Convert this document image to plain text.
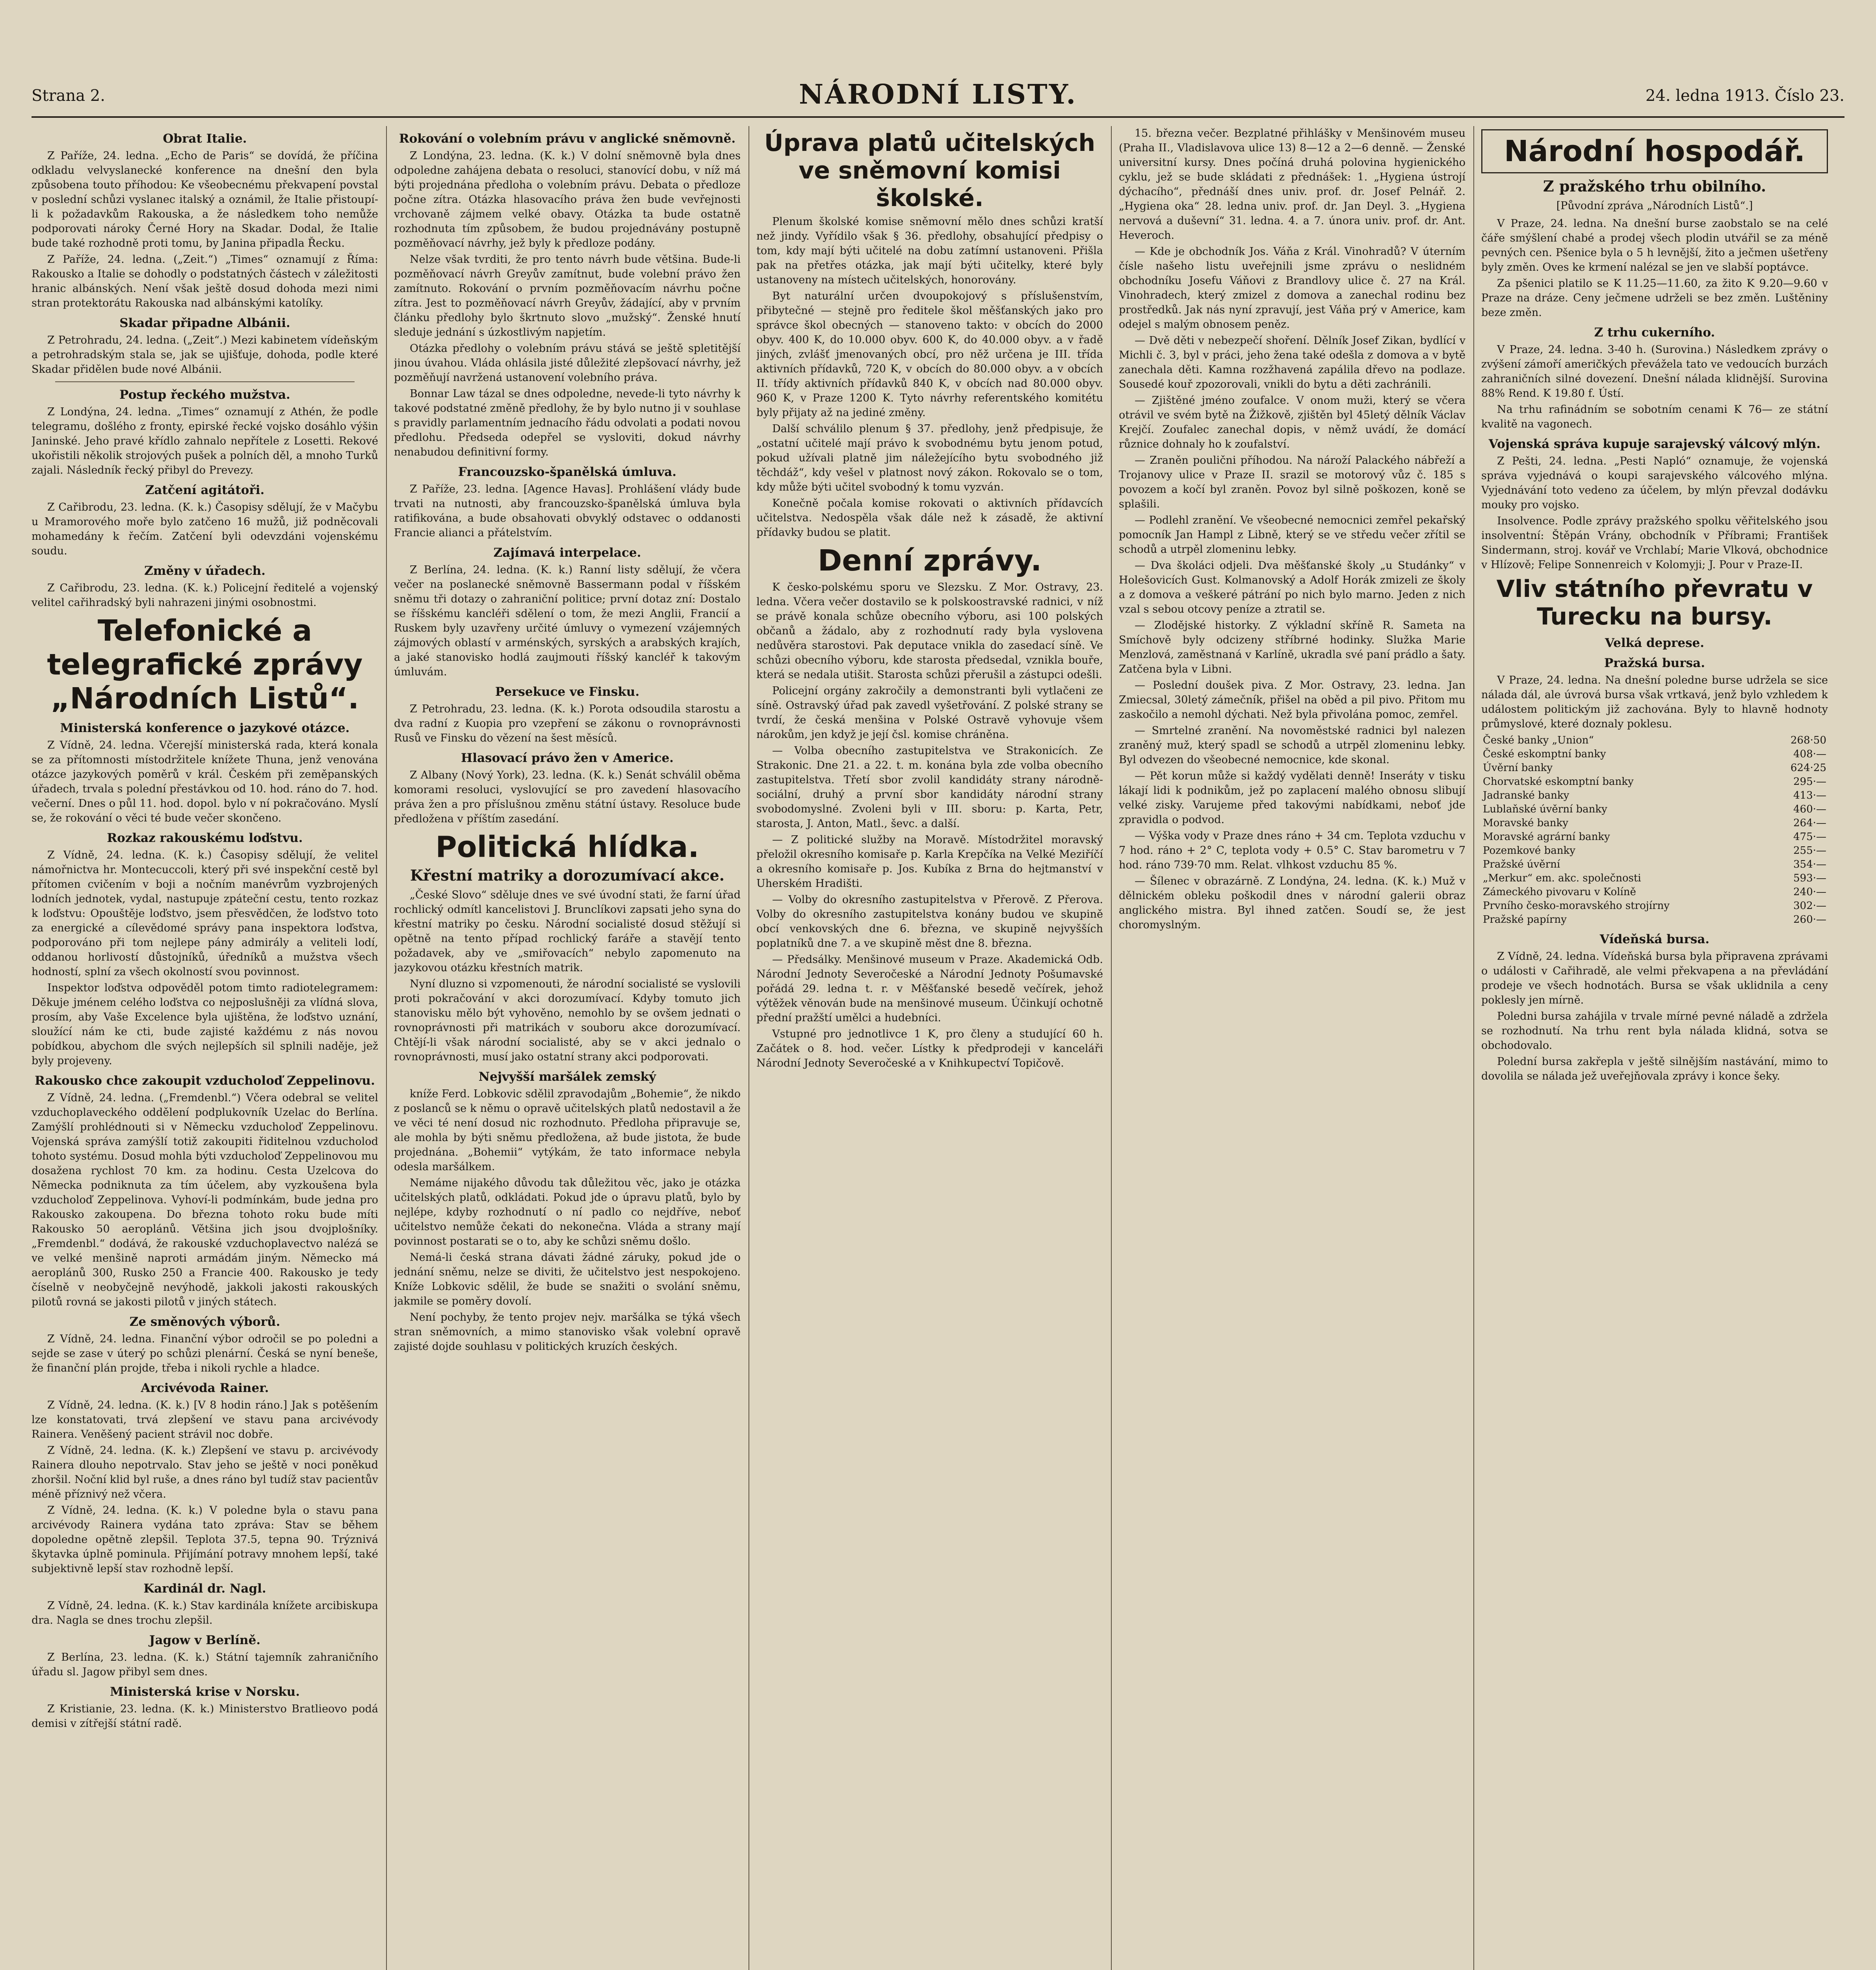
Strana 2.	NÁRODNÍ LISTY.	24. ledna 1913. Číslo 23.
Obrat Italie.

Z Paříže, 24. ledna. „Echo de Paris“ se dovídá, že příčina odkladu velvyslanecké konference na dnešní den byla způsobena touto příhodou: Ke všeobecnému překvapení povstal v poslední schůzi vyslanec italský a oznámil, že Italie přistoupí-li k požadavkům Rakouska, a že následkem toho nemůže podporovati nároky Černé Hory na Skadar. Dodal, že Italie bude také rozhodně proti tomu, by Janina připadla Řecku.

Z Paříže, 24. ledna. („Zeit.“) „Times“ oznamují z Říma: Rakousko a Italie se dohodly o podstatných částech v záležitosti hranic albánských. Není však ještě dosud dohoda mezi nimi stran protektorátu Rakouska nad albánskými katolíky.

Skadar připadne Albánii.

Z Petrohradu, 24. ledna. („Zeit“.) Mezi kabinetem vídeňským a petrohradským stala se, jak se ujišťuje, dohoda, podle které Skadar přidělen bude nové Albánii.

Postup řeckého mužstva.

Z Londýna, 24. ledna. „Times“ oznamují z Athén, že podle telegramu, došlého z fronty, epirské řecké vojsko dosáhlo výšin Janinské. Jeho pravé křídlo zahnalo nepřítele z Losetti. Rekové ukořistili několik strojových pušek a polních děl, a mnoho Turků zajali. Následník řecký přibyl do Prevezy.

Zatčení agitátoři.

Z Cařibrodu, 23. ledna. (K. k.) Časopisy sdělují, že v Mačybu u Mramorového moře bylo zatčeno 16 mužů, již podněcovali mohamedány k řečím. Zatčení byli odevzdáni vojenskému soudu.

Změny v úřadech.

Z Cařibrodu, 23. ledna. (K. k.) Policejní ředitelé a vojenský velitel cařihradský byli nahrazeni jinými osobnostmi.

Telefonické a telegrafické zprávy „Národních Listů“.
Ministerská konference o jazykové otázce.

Z Vídně, 24. ledna. Včerejší ministerská rada, která konala se za přítomnosti místodržitele knížete Thuna, jenž venována otázce jazykových poměrů v král. Českém při zeměpanských úřadech, trvala s polední přestávkou od 10. hod. ráno do 7. hod. večerní. Dnes o půl 11. hod. dopol. bylo v ní pokračováno. Myslí se, že rokování o věci té bude večer skončeno.

Rozkaz rakouskému loďstvu.

Z Vídně, 24. ledna. (K. k.) Časopisy sdělují, že velitel námořnictva hr. Montecuccoli, který při své inspekční cestě byl přítomen cvičením v boji a nočním manévrům vyzbrojených lodních jednotek, vydal, nastupuje zpáteční cestu, tento rozkaz k loďstvu: Opouštěje loďstvo, jsem přesvědčen, že loďstvo toto za energické a cílevědomé správy pana inspektora loďstva, podporováno při tom nejlepe pány admirály a veliteli lodí, oddanou horlivostí důstojníků, úředníků a mužstva všech hodností, splní za všech okolností svou povinnost.

Inspektor loďstva odpověděl potom timto radiotelegramem: Děkuje jménem celého loďstva co nejposlušněji za vlídná slova, prosím, aby Vaše Excelence byla ujištěna, že loďstvo uznání, sloužící nám ke cti, bude zajisté každému z nás novou pobídkou, abychom dle svých nejlepších sil splnili naděje, jež byly projeveny.

Rakousko chce zakoupit vzducholoď Zeppelinovu.

Z Vídně, 24. ledna. („Fremdenbl.“) Včera odebral se velitel vzduchoplaveckého oddělení podplukovník Uzelac do Berlína. Zamýšlí prohlédnouti si v Německu vzducholoď Zeppelinovu. Vojenská správa zamýšlí totiž zakoupiti řiditelnou vzducholoď tohoto systému. Dosud mohla býti vzducholoď Zeppelinovou mu dosažena rychlost 70 km. za hodinu. Cesta Uzelcova do Německa podniknuta za tím účelem, aby vyzkoušena byla vzducholoď Zeppelinova. Vyhoví-li podmínkám, bude jedna pro Rakousko zakoupena. Do března tohoto roku bude míti Rakousko 50 aeroplánů. Většina jich jsou dvojplošníky. „Fremdenbl.“ dodává, že rakouské vzduchoplavectvo nalézá se ve velké menšině naproti armádám jiným. Německo má aeroplánů 300, Rusko 250 a Francie 400. Rakousko je tedy číselně v neobyčejně nevýhodě, jakkoli jakosti rakouských pilotů rovná se jakosti pilotů v jiných státech.

Ze směnových výborů.

Z Vídně, 24. ledna. Finanční výbor odročil se po poledni a sejde se zase v úterý po schůzi plenární. Česká se nyní beneše, že finanční plán projde, třeba i nikoli rychle a hladce.

Arcivévoda Rainer.

Z Vídně, 24. ledna. (K. k.) [V 8 hodin ráno.] Jak s potěšením lze konstatovati, trvá zlepšení ve stavu pana arcivévody Rainera. Veněšený pacient strávil noc dobře.

Z Vídně, 24. ledna. (K. k.) Zlepšení ve stavu p. arcivévody Rainera dlouho nepotrvalo. Stav jeho se ještě v noci poněkud zhoršil. Noční klid byl ruše, a dnes ráno byl tudíž stav pacientův méně příznivý než včera.

Z Vídně, 24. ledna. (K. k.) V poledne byla o stavu pana arcivévody Rainera vydána tato zpráva: Stav se během dopoledne opětně zlepšil. Teplota 37.5, tepna 90. Trýznivá škytavka úplně pominula. Přijímání potravy mnohem lepší, také subjektivně lepší stav rozhodně lepší.

Kardinál dr. Nagl.

Z Vídně, 24. ledna. (K. k.) Stav kardinála knížete arcibiskupa dra. Nagla se dnes trochu zlepšil.

Jagow v Berlíně.

Z Berlína, 23. ledna. (K. k.) Státní tajemník zahraničního úřadu sl. Jagow přibyl sem dnes.

Ministerská krise v Norsku.

Z Kristianie, 23. ledna. (K. k.) Ministerstvo Bratlieovo podá demisi v zítřejší státní radě.

Rokování o volebním právu v anglické sněmovně.

Z Londýna, 23. ledna. (K. k.) V dolní sněmovně byla dnes odpoledne zahájena debata o resoluci, stanovící dobu, v níž má býti projednána předloha o volebním právu. Debata o předloze počne zítra. Otázka hlasovacího práva žen bude vevřejnosti vrchovaně zájmem velké obavy. Otázka ta bude ostatně rozhodnuta tím způsobem, že budou projednávány postupně pozměňovací návrhy, jež byly k předloze podány.

Nelze však tvrditi, že pro tento návrh bude většina. Bude-li pozměňovací návrh Greyův zamítnut, bude volební právo žen zamítnuto. Rokování o prvním pozměňovacím návrhu počne zítra. Jest to pozměňovací návrh Greyův, žádající, aby v prvním článku předlohy bylo škrtnuto slovo „mužský“. Ženské hnutí sleduje jednání s úzkostlivým napjetím.

Otázka předlohy o volebním právu stává se ještě spletitější jinou úvahou. Vláda ohlásila jisté důležité zlepšovací návrhy, jež pozměňují navržená ustanovení volebního práva.

Bonnar Law tázal se dnes odpoledne, nevede-li tyto návrhy k takové podstatné změně předlohy, že by bylo nutno ji v souhlase s pravidly parlamentním jednacího řádu odvolati a podati novou předlohu. Předseda odepřel se vysloviti, dokud návrhy nenabudou definitivní formy.

Francouzsko-španělská úmluva.

Z Paříže, 23. ledna. [Agence Havas]. Prohlášení vlády bude trvati na nutnosti, aby francouzsko-španělská úmluva byla ratifikována, a bude obsahovati obvyklý odstavec o oddanosti Francie alianci a přátelstvím.

Zajímavá interpelace.

Z Berlína, 24. ledna. (K. k.) Ranní listy sdělují, že včera večer na poslanecké sněmovně Bassermann podal v říšském sněmu tři dotazy o zahraniční politice; první dotaz zní: Dostalo se říšskému kancléři sdělení o tom, že mezi Anglii, Francií a Ruskem byly uzavřeny určité úmluvy o vymezení vzájemných zájmových oblastí v arménských, syrských a arabských krajích, a jaké stanovisko hodlá zaujmouti říšský kancléř k takovým úmluvám.

Persekuce ve Finsku.

Z Petrohradu, 23. ledna. (K. k.) Porota odsoudila starostu a dva radní z Kuopia pro vzepření se zákonu o rovnoprávnosti Rusů ve Finsku do vězení na šest měsíců.

Hlasovací právo žen v Americe.

Z Albany (Nový York), 23. ledna. (K. k.) Senát schválil oběma komorami resoluci, vyslovující se pro zavedení hlasovacího práva žen a pro příslušnou změnu státní ústavy. Resoluce bude předložena v příštím zasedání.

Politická hlídka.
Křestní matriky a dorozumívací akce.

„České Slovo“ sděluje dnes ve své úvodní stati, že farní úřad rochlický odmítl kancelistovi J. Brunclíkovi zapsati jeho syna do křestní matriky po česku. Národní socialisté dosud stěžují si opětně na tento případ rochlický faráře a stavějí tento požadavek, aby ve „smiřovacích“ nebylo zapomenuto na jazykovou otázku křestních matrik.

Nyní dluzno si vzpomenouti, že národní socialisté se vyslovili proti pokračování v akci dorozumívací. Kdyby tomuto jich stanovisku mělo být vyhověno, nemohlo by se ovšem jednati o rovnoprávnosti při matrikách v souboru akce dorozumívací. Chtějí-li však národní socialisté, aby se v akci jednalo o rovnoprávnosti, musí jako ostatní strany akci podporovati.

Nejvyšší maršálek zemský

kníže Ferd. Lobkovic sdělil zpravodajům „Bohemie“, že nikdo z poslanců se k němu o opravě učitelských platů nedostavil a že ve věci té není dosud nic rozhodnuto. Předloha připravuje se, ale mohla by býti sněmu předložena, až bude jistota, že bude projednána. „Bohemii“ vytýkám, že tato informace nebyla odesla maršálkem.

Nemáme nijakého důvodu tak důležitou věc, jako je otázka učitelských platů, odkládati. Pokud jde o úpravu platů, bylo by nejlépe, kdyby rozhodnutí o ní padlo co nejdříve, neboť učitelstvo nemůže čekati do nekonečna. Vláda a strany mají povinnost postarati se o to, aby ke schůzi sněmu došlo.

Nemá-li česká strana dávati žádné záruky, pokud jde o jednání sněmu, nelze se diviti, že učitelstvo jest nespokojeno. Kníže Lobkovic sdělil, že bude se snažiti o svolání sněmu, jakmile se poměry dovolí.

Není pochyby, že tento projev nejv. maršálka se týká všech stran sněmovních, a mimo stanovisko však volební opravě zajisté dojde souhlasu v politických kruzích českých.

Úprava platů učitelských ve sněmovní komisi školské.

Plenum školské komise sněmovní mělo dnes schůzi kratší než jindy. Vyřídilo však § 36. předlohy, obsahující předpisy o tom, kdy mají býti učitelé na dobu zatímní ustanoveni. Přišla pak na přetřes otázka, jak mají býti učitelky, které byly ustanoveny na místech učitelských, honorovány.

Byt naturální určen dvoupokojový s příslušenstvím, přibytečné — stejně pro ředitele škol měšťanských jako pro správce škol obecných — stanoveno takto: v obcích do 2000 obyv. 400 K, do 10.000 obyv. 600 K, do 40.000 obyv. a v řadě jiných, zvlášť jmenovaných obcí, pro něž určena je III. třída aktivních přídavků, 720 K, v obcích do 80.000 obyv. a v obcích II. třídy aktivních přídavků 840 K, v obcích nad 80.000 obyv. 960 K, v Praze 1200 K. Tyto návrhy referentského komitétu byly přijaty až na jediné změny.

Další schválilo plenum § 37. předlohy, jenž předpisuje, že „ostatní učitelé mají právo k svobodnému bytu jenom potud, pokud užívali platně jim náležejícího bytu svobodného již těchdáž“, kdy vešel v platnost nový zákon. Rokovalo se o tom, kdy může býti učitel svobodný k tomu vyzván.

Konečně počala komise rokovati o aktivních přídavcích učitelstva. Nedospěla však dále než k zásadě, že aktivní přídavky budou se platit.

Denní zprávy.

K česko-polskému sporu ve Slezsku. Z Mor. Ostravy, 23. ledna. Včera večer dostavilo se k polskoostravské radnici, v níž se právě konala schůze obecního výboru, asi 100 polských občanů a žádalo, aby z rozhodnutí rady byla vyslovena nedůvěra starostovi. Pak deputace vnikla do zasedací síně. Ve schůzi obecního výboru, kde starosta předsedal, vznikla bouře, která se nedala utišit. Starosta schůzi přerušil a zástupci odešli.

Policejní orgány zakročily a demonstranti byli vytlačeni ze síně. Ostravský úřad pak zavedl vyšetřování. Z polské strany se tvrdí, že česká menšina v Polské Ostravě vyhovuje všem nárokům, jen když je její čsl. komise chráněna.

— Volba obecního zastupitelstva ve Strakonicích. Ze Strakonic. Dne 21. a 22. t. m. konána byla zde volba obecního zastupitelstva. Třetí sbor zvolil kandidáty strany národně-sociální, druhý a první sbor kandidáty národní strany svobodomyslné. Zvoleni byli v III. sboru: p. Karta, Petr, starosta, J. Anton, Matl., ševc. a další.

— Z politické služby na Moravě. Místodržitel moravský přeložil okresního komisaře p. Karla Krepčíka na Velké Meziříčí a okresního komisaře p. Jos. Kubíka z Brna do hejtmanství v Uherském Hradišti.

— Volby do okresního zastupitelstva v Přerově. Z Přerova. Volby do okresního zastupitelstva konány budou ve skupině obcí venkovských dne 6. března, ve skupině nejvyšších poplatníků dne 7. a ve skupině měst dne 8. března.

— Předsálky. Menšinové museum v Praze. Akademická Odb. Národní Jednoty Severočeské a Národní Jednoty Pošumavské pořádá 29. ledna t. r. v Měšťanské besedě večírek, jehož výtěžek věnován bude na menšinové museum. Účinkují ochotně přední pražští umělci a hudebníci.

Vstupné pro jednotlivce 1 K, pro členy a studující 60 h. Začátek o 8. hod. večer. Lístky k předprodeji v kanceláři Národní Jednoty Severočeské a v Knihkupectví Topičově.

15. března večer. Bezplatné přihlášky v Menšinovém museu (Praha II., Vladislavova ulice 13) 8—12 a 2—6 denně. — Ženské universitní kursy. Dnes počíná druhá polovina hygienického cyklu, jež se bude skládati z přednášek: 1. „Hygiena ústrojí dýchacího“, přednáší dnes univ. prof. dr. Josef Pelnář. 2. „Hygiena oka“ 28. ledna univ. prof. dr. Jan Deyl. 3. „Hygiena nervová a duševní“ 31. ledna. 4. a 7. února univ. prof. dr. Ant. Heveroch.

— Kde je obchodník Jos. Váňa z Král. Vinohradů? V úterním čísle našeho listu uveřejnili jsme zprávu o neslidném obchodníku Josefu Váňovi z Brandlovy ulice č. 27 na Král. Vinohradech, který zmizel z domova a zanechal rodinu bez prostředků. Jak nás nyní zpravují, jest Váňa prý v Americe, kam odejel s malým obnosem peněz.

— Dvě děti v nebezpečí shoření. Dělník Josef Zikan, bydlící v Michli č. 3, byl v práci, jeho žena také odešla z domova a v bytě zanechala děti. Kamna rozžhavená zapálila dřevo na podlaze. Sousedé kouř zpozorovali, vnikli do bytu a děti zachránili.

— Zjištěné jméno zoufalce. V onom muži, který se včera otrávil ve svém bytě na Žižkově, zjištěn byl 45letý dělník Václav Krejčí. Zoufalec zanechal dopis, v němž uvádí, že domácí různice dohnaly ho k zoufalství.

— Zraněn poulični příhodou. Na nároží Palackého nábřeží a Trojanovy ulice v Praze II. srazil se motorový vůz č. 185 s povozem a kočí byl zraněn. Povoz byl silně poškozen, koně se splašili.

— Podlehl zranění. Ve všeobecné nemocnici zemřel pekařský pomocník Jan Hampl z Libně, který se ve středu večer zřítil se schodů a utrpěl zlomeninu lebky.

— Dva školáci odjeli. Dva měšťanské školy „u Studánky“ v Holešovicích Gust. Kolmanovský a Adolf Horák zmizeli ze školy a z domova a veškeré pátrání po nich bylo marno. Jeden z nich vzal s sebou otcovy peníze a ztratil se.

— Zlodějské historky. Z výkladní skříně R. Sameta na Smíchově byly odcizeny stříbrné hodinky. Služka Marie Menzlová, zaměstnaná v Karlíně, ukradla své paní prádlo a šaty. Zatčena byla v Libni.

— Poslední doušek piva. Z Mor. Ostravy, 23. ledna. Jan Zmiecsal, 30letý zámečník, přišel na oběd a pil pivo. Přitom mu zaskočilo a nemohl dýchati. Než byla přivolána pomoc, zemřel.

— Smrtelné zranění. Na novoměstské radnici byl nalezen zraněný muž, který spadl se schodů a utrpěl zlomeninu lebky. Byl odvezen do všeobecné nemocnice, kde skonal.

— Pět korun může si každý vydělati denně! Inseráty v tisku lákají lidi k podnikům, jež po zaplacení malého obnosu slibují velké zisky. Varujeme před takovými nabídkami, neboť jde zpravidla o podvod.

— Výška vody v Praze dnes ráno + 34 cm. Teplota vzduchu v 7 hod. ráno + 2° C, teplota vody + 0.5° C. Stav barometru v 7 hod. ráno 739·70 mm. Relat. vlhkost vzduchu 85 %.

— Šílenec v obrazárně. Z Londýna, 24. ledna. (K. k.) Muž v dělnickém obleku poškodil dnes v národní galerii obraz anglického mistra. Byl ihned zatčen. Soudí se, že jest choromyslným.

Národní hospodář.
Z pražského trhu obilního.
[Původní zpráva „Národních Listů“.]

V Praze, 24. ledna. Na dnešní burse zaobstalo se na celé čáře smýšlení chabé a prodej všech plodin utvářil se za méně pevných cen. Pšenice byla o 5 h levnější, žito a ječmen ušetřeny byly změn. Oves ke krmení nalézal se jen ve slabší poptávce.

Za pšenici platilo se K 11.25—11.60, za žito K 9.20—9.60 v Praze na dráze. Ceny ječmene udrželi se bez změn. Luštěniny beze změn.

Z trhu cukerního.

V Praze, 24. ledna. 3-40 h. (Surovina.) Následkem zprávy o zvýšení zámoří američkých převážela tato ve vedoucích burzách zahraničních silné dovezení. Dnešní nálada klidnější. Surovina 88% Rend. K 19.80 f. Ústí.

Na trhu rafinádním se sobotním cenami K 76— ze státní kvalitě na vagonech.

Vojenská správa kupuje sarajevský válcový mlýn.

Z Pešti, 24. ledna. „Pesti Napló“ oznamuje, že vojenská správa vyjednává o koupi sarajevského válcového mlýna. Vyjednávání toto vedeno za účelem, by mlýn převzal dodávku mouky pro vojsko.

Insolvence. Podle zprávy pražského spolku věřitelského jsou insolventní: Štěpán Vrány, obchodník v Příbrami; František Sindermann, stroj. kovář ve Vrchlabí; Marie Vlková, obchodnice v Hlízově; Felipe Sonnenreich v Kolomyji; J. Pour v Praze-II.

Vliv státního převratu v Turecku na bursy.
Velká deprese.
Pražská bursa.

V Praze, 24. ledna. Na dnešní poledne burse udržela se sice nálada dál, ale úvrová bursa však vrtkavá, jenž bylo vzhledem k událostem politickým již zachována. Byly to hlavně hodnoty průmyslové, které doznaly poklesu.

České banky „Union“	268·50
České eskomptní banky	408·—
Úvěrní banky	624·25
Chorvatské eskomptní banky	295·—
Jadranské banky	413·—
Lublaňské úvěrní banky	460·—
Moravské banky	264·—
Moravské agrární banky	475·—
Pozemkové banky	255·—
Pražské úvěrní	354·—
„Merkur“ em. akc. společnosti	593·—
Zámeckého pivovaru v Kolíně	240·—
Prvního česko-moravského strojírny	302·—
Pražské papírny	260·—
Vídeňská bursa.

Z Vídně, 24. ledna. Vídeňská bursa byla připravena zprávami o události v Cařihradě, ale velmi překvapena a na převládání prodeje ve všech hodnotách. Bursa se však uklidnila a ceny poklesly jen mírně.

Poledni bursa zahájila v trvale mírné pevné náladě a zdržela se rozhodnutí. Na trhu rent byla nálada klidná, sotva se obchodovalo.

Polední bursa zakřepla v ještě silnějším nastávání, mimo to dovolila se nálada jež uveřejňovala zprávy i konce šeky.
